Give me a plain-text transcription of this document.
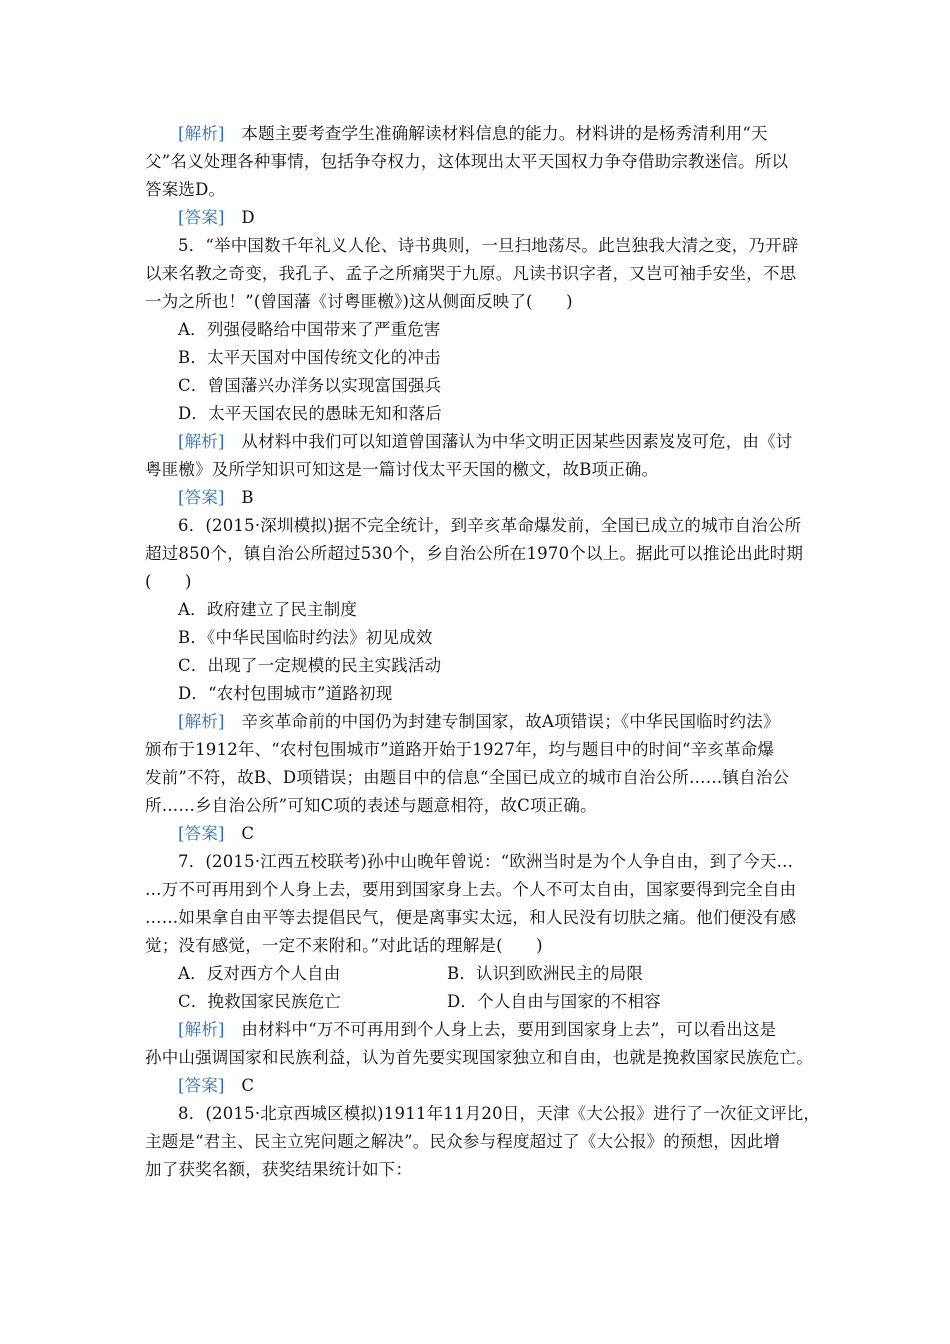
[解析]　 本题主要考查学生准确解读材料信息的能力。材料讲的是杨秀清利用“天
父”名义处理各种事情，包括争夺权力，这体现出太平天国权力争夺借助宗教迷信。所以
答案选D。
[答案]　 D
5．“举中国数千年礼义人伦、诗书典则，一旦扫地荡尽。此岂独我大清之变，乃开辟
以来名教之奇变，我孔子、孟子之所痛哭于九原。凡读书识字者，又岂可袖手安坐，不思
一为之所也！”(曾国藩《讨粤匪檄》)这从侧面反映了(　　)
A．列强侵略给中国带来了严重危害
B．太平天国对中国传统文化的冲击
C．曾国藩兴办洋务以实现富国强兵
D．太平天国农民的愚昧无知和落后
[解析]　 从材料中我们可以知道曾国藩认为中华文明正因某些因素岌岌可危，由《讨
粤匪檄》及所学知识可知这是一篇讨伐太平天国的檄文，故B项正确。
[答案]　 B
6．(2015·深圳模拟)据不完全统计，到辛亥革命爆发前，全国已成立的城市自治公所
超过850个，镇自治公所超过530个，乡自治公所在1970个以上。据此可以推论出此时期
(　　)
A．政府建立了民主制度
B．《中华民国临时约法》初见成效
C．出现了一定规模的民主实践活动
D．“农村包围城市”道路初现
[解析]　 辛亥革命前的中国仍为封建专制国家，故A项错误；《中华民国临时约法》
颁布于1912年、“农村包围城市”道路开始于1927年，均与题目中的时间“辛亥革命爆
发前”不符，故B、D项错误；由题目中的信息“全国已成立的城市自治公所……镇自治公
所……乡自治公所”可知C项的表述与题意相符，故C项正确。
[答案]　 C
7．(2015·江西五校联考)孙中山晚年曾说：“欧洲当时是为个人争自由，到了今天…
…万不可再用到个人身上去，要用到国家身上去。个人不可太自由，国家要得到完全自由
……如果拿自由平等去提倡民气，便是离事实太远，和人民没有切肤之痛。他们便没有感
觉；没有感觉，一定不来附和。”对此话的理解是(　　)
A．反对西方个人自由	B．认识到欧洲民主的局限
C．挽救国家民族危亡	D．个人自由与国家的不相容
[解析]　 由材料中“万不可再用到个人身上去，要用到国家身上去”，可以看出这是
孙中山强调国家和民族利益，认为首先要实现国家独立和自由，也就是挽救国家民族危亡。
[答案]　 C
8．(2015·北京西城区模拟)1911年11月20日，天津《大公报》进行了一次征文评比，
主题是“君主、民主立宪问题之解决”。民众参与程度超过了《大公报》的预想，因此增
加了获奖名额，获奖结果统计如下：
